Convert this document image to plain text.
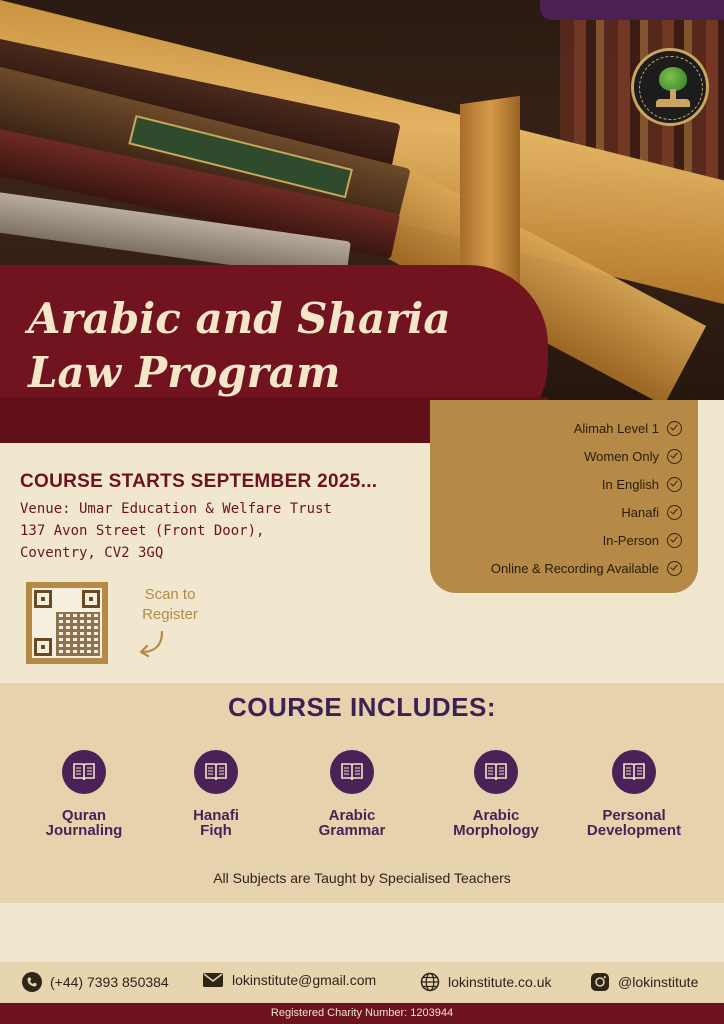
Arabic and Sharia
Law Program
Alimah Level 1
Women Only
In English
Hanafi
In-Person
Online & Recording Available
COURSE STARTS SEPTEMBER 2025...
Venue: Umar Education & Welfare Trust
137 Avon Street (Front Door),
Coventry, CV2 3GQ
Scan to
Register
COURSE INCLUDES:
Quran
Journaling
Hanafi
Fiqh
Arabic
Grammar
Arabic
Morphology
Personal
Development
All Subjects are Taught by Specialised Teachers
(+44) 7393 850384	lokinstitute@gmail.com	lokinstitute.co.uk	@lokinstitute
Registered Charity Number: 1203944
